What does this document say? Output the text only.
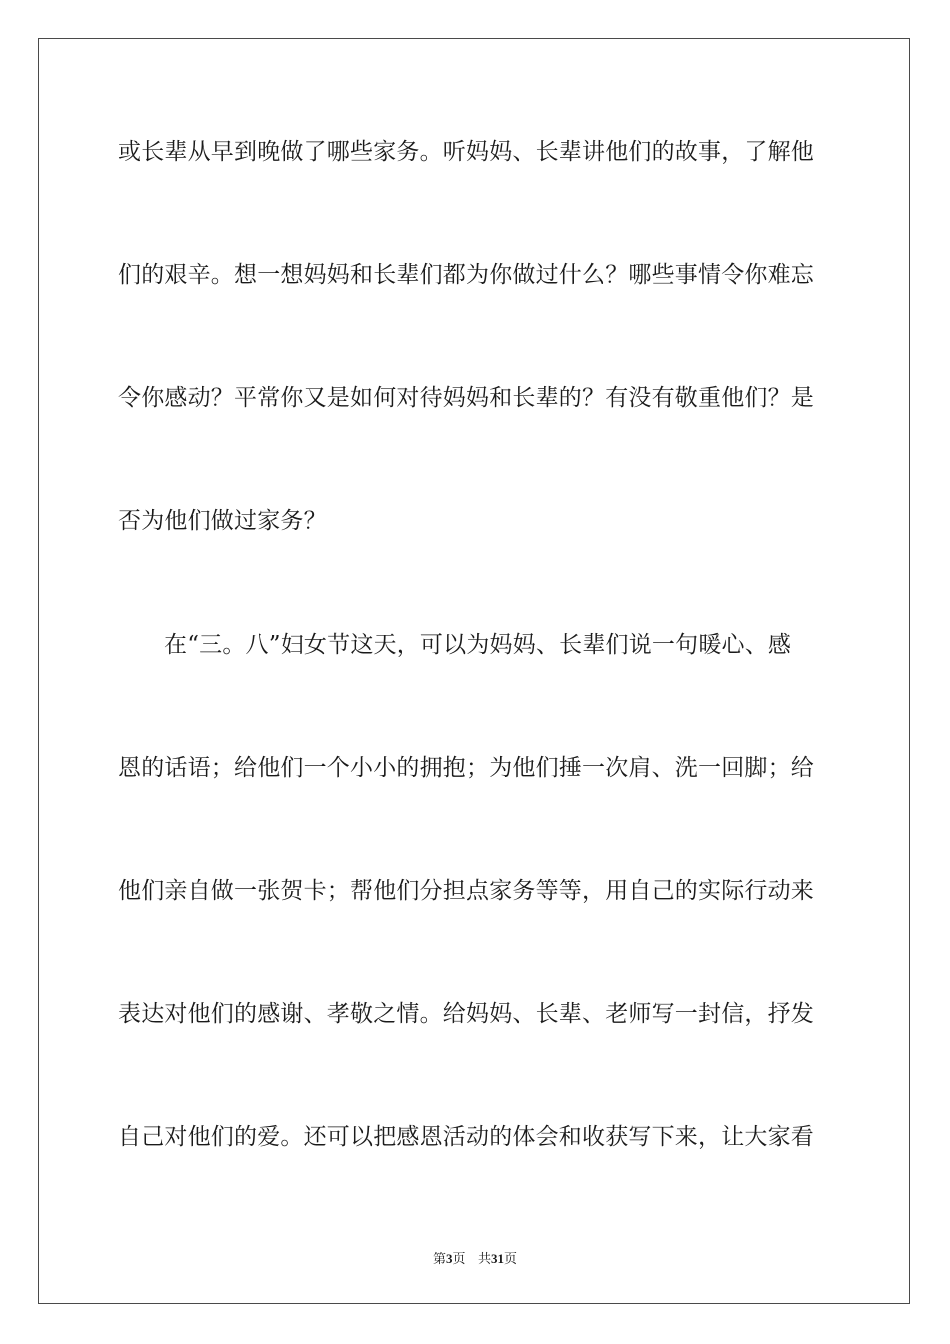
或长辈从早到晚做了哪些家务。听妈妈、长辈讲他们的故事，了解他
们的艰辛。想一想妈妈和长辈们都为你做过什么？哪些事情令你难忘
令你感动？平常你又是如何对待妈妈和长辈的？有没有敬重他们？是
否为他们做过家务？
在“三。八”妇女节这天，可以为妈妈、长辈们说一句暖心、感
恩的话语；给他们一个小小的拥抱；为他们捶一次肩、洗一回脚；给
他们亲自做一张贺卡；帮他们分担点家务等等，用自己的实际行动来
表达对他们的感谢、孝敬之情。给妈妈、长辈、老师写一封信，抒发
自己对他们的爱。还可以把感恩活动的体会和收获写下来，让大家看
第3页 共31页
